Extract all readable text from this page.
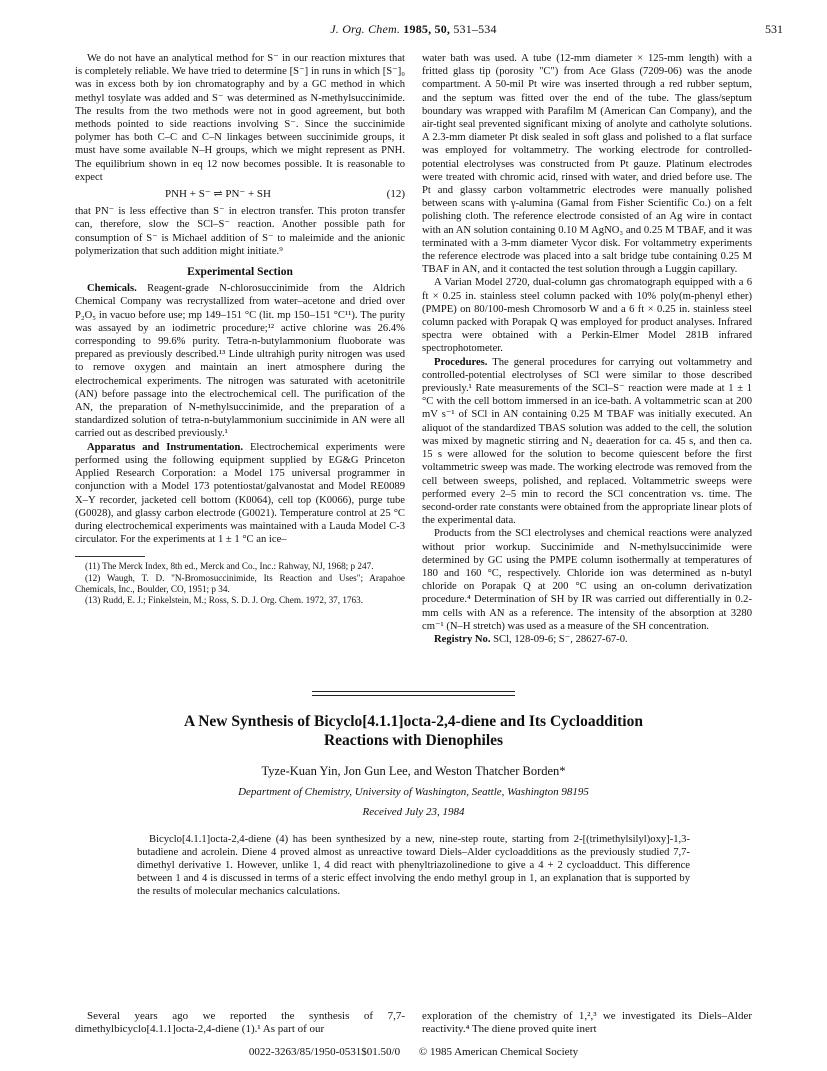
J. Org. Chem. 1985, 50, 531–534	531

We do not have an analytical method for S⁻ in our reaction mixtures that is completely reliable. We have tried to determine [S⁻] in runs in which [S⁻]₀ was in excess both by ion chromatography and by a GC method in which methyl tosylate was added and S⁻ was determined as N-methylsuccinimide. The results from the two methods were not in good agreement, but both methods pointed to side reactions involving S⁻. Since the succinimide polymer has both C–C and C–N linkages between succinimide groups, it must have some available N–H groups, which we might represent as PNH. The equilibrium shown in eq 12 now becomes possible. It is reasonable to expect

PNH + S⁻ ⇌ PN⁻ + SH	(12)

that PN⁻ is less effective than S⁻ in electron transfer. This proton transfer can, therefore, slow the SCl–S⁻ reaction. Another possible path for consumption of S⁻ is Michael addition of S⁻ to maleimide and the anionic polymerization that such addition might initiate.⁹

Experimental Section

Chemicals. Reagent-grade N-chlorosuccinimide from the Aldrich Chemical Company was recrystallized from water–acetone and dried over P₂O₅ in vacuo before use; mp 149–151 °C (lit. mp 150–151 °C¹¹). The purity was assayed by an iodimetric procedure;¹² active chlorine was 26.4% corresponding to 99.6% purity. Tetra-n-butylammonium fluoborate was prepared as previously described.¹³ Linde ultrahigh purity nitrogen was used to remove oxygen and maintain an inert atmosphere during the electrochemical experiments. The nitrogen was saturated with acetonitrile (AN) before passage into the electrochemical cell. The purification of the AN, the preparation of N-methylsuccinimide, and the preparation of a standardized solution of tetra-n-butylammonium succinimide in AN were all carried out as described previously.¹

Apparatus and Instrumentation. Electrochemical experiments were performed using the following equipment supplied by EG&G Princeton Applied Research Corporation: a Model 175 universal programmer in conjunction with a Model 173 potentiostat/galvanostat and Model RE0089 X–Y recorder, jacketed cell bottom (K0064), cell top (K0066), purge tube (G0028), and glassy carbon electrode (G0021). Temperature control at 25 °C during electrochemical experiments was maintained with a Lauda Model C-3 circulator. For the experiments at 1 ± 1 °C an ice–

(11) The Merck Index, 8th ed., Merck and Co., Inc.: Rahway, NJ, 1968; p 247.

(12) Waugh, T. D. "N-Bromosuccinimide, Its Reaction and Uses"; Arapahoe Chemicals, Inc., Boulder, CO, 1951; p 34.

(13) Rudd, E. J.; Finkelstein, M.; Ross, S. D. J. Org. Chem. 1972, 37, 1763.

water bath was used. A tube (12-mm diameter × 125-mm length) with a fritted glass tip (porosity "C") from Ace Glass (7209-06) was the anode compartment. A 50-mil Pt wire was inserted through a red rubber septum, and the septum was fitted over the end of the tube. The glass/septum boundary was wrapped with Parafilm M (American Can Company), and the air-tight seal prevented significant mixing of anolyte and catholyte solutions. A 2.3-mm diameter Pt disk sealed in soft glass and polished to a flat surface was employed for voltammetry. The working electrode for controlled-potential electrolyses was constructed from Pt gauze. Platinum electrodes were treated with chromic acid, rinsed with water, and dried before use. The Pt and glassy carbon voltammetric electrodes were manually polished between scans with γ-alumina (Gamal from Fisher Scientific Co.) on a felt polishing cloth. The reference electrode consisted of an Ag wire in contact with an AN solution containing 0.10 M AgNO₃ and 0.25 M TBAF, and it was terminated with a 3-mm diameter Vycor disk. For voltammetry experiments the reference electrode was placed into a salt bridge tube containing 0.25 M TBAF in AN, and it contacted the test solution through a Luggin capillary.

A Varian Model 2720, dual-column gas chromatograph equipped with a 6 ft × 0.25 in. stainless steel column packed with 10% poly(m-phenyl ether) (PMPE) on 80/100-mesh Chromosorb W and a 6 ft × 0.25 in. stainless steel column packed with Porapak Q was employed for product analyses. Infrared spectra were obtained with a Perkin-Elmer Model 281B infrared spectrophotometer.

Procedures. The general procedures for carrying out voltammetry and controlled-potential electrolyses of SCl were similar to those described previously.¹ Rate measurements of the SCl–S⁻ reaction were made at 1 ± 1 °C with the cell bottom immersed in an ice-bath. A voltammetric scan at 200 mV s⁻¹ of SCl in AN containing 0.25 M TBAF was initially executed. An aliquot of the standardized TBAS solution was added to the cell, the solution was mixed by magnetic stirring and N₂ deaeration for ca. 45 s, and then ca. 15 s were allowed for the solution to become quiescent before the first voltammetric sweep was made. The working electrode was removed from the cell between sweeps, polished, and replaced. Voltammetric sweeps were performed every 2–5 min to record the SCl concentration vs. time. The second-order rate constants were obtained from the appropriate linear plots of the experimental data.

Products from the SCl electrolyses and chemical reactions were analyzed without prior workup. Succinimide and N-methylsuccinimide were determined by GC using the PMPE column isothermally at temperatures of 180 and 160 °C, respectively. Chloride ion was determined as n-butyl chloride on Porapak Q at 200 °C using an on-column derivatization procedure.⁴ Determination of SH by IR was carried out differentially in 0.2-mm cells with AN as a reference. The intensity of the absorption at 3280 cm⁻¹ (N–H stretch) was used as a measure of the SH concentration.

Registry No. SCl, 128-09-6; S⁻, 28627-67-0.

A New Synthesis of Bicyclo[4.1.1]octa-2,4-diene and Its Cycloaddition
Reactions with Dienophiles
Tyze-Kuan Yin, Jon Gun Lee, and Weston Thatcher Borden*
Department of Chemistry, University of Washington, Seattle, Washington 98195
Received July 23, 1984

Bicyclo[4.1.1]octa-2,4-diene (4) has been synthesized by a new, nine-step route, starting from 2-[(trimethylsilyl)oxy]-1,3-butadiene and acrolein. Diene 4 proved almost as unreactive toward Diels–Alder cycloadditions as the previously studied 7,7-dimethyl derivative 1. However, unlike 1, 4 did react with phenyltriazolinedione to give a 4 + 2 cycloadduct. This difference between 1 and 4 is discussed in terms of a steric effect involving the endo methyl group in 1, an explanation that is supported by the results of molecular mechanics calculations.

Several years ago we reported the synthesis of 7,7-dimethylbicyclo[4.1.1]octa-2,4-diene (1).¹ As part of our

exploration of the chemistry of 1,²,³ we investigated its Diels–Alder reactivity.⁴ The diene proved quite inert

0022-3263/85/1950-0531$01.50/0 © 1985 American Chemical Society
